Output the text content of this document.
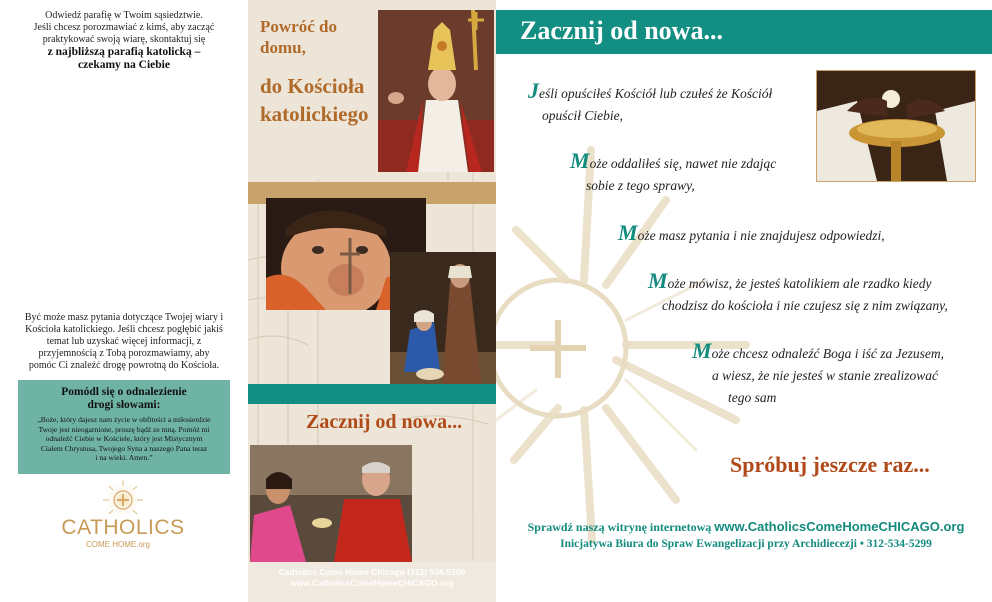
Odwiedź parafię w Twoim sąsiedztwie.
Jeśli chcesz porozmawiać z kimś, aby zacząć
praktykować swoją wiarę, skontaktuj się
z najbliższą parafią katolicką –
czekamy na Ciebie
Być może masz pytania dotyczące Twojej wiary i
Kościoła katolickiego. Jeśli chcesz pogłębić jakiś
temat lub uzyskać więcej informacji, z
przyjemnością z Tobą porozmawiamy, aby
pomóc Ci znaleźć drogę powrotną do Kościoła.
Pomódl się o odnalezienie
drogi słowami:
„Boże, który dajesz nam życie w obfitości a miłosierdzie
Twoje jest nieogarnione, proszę bądź ze mną. Pomóż mi
odnaleźć Ciebie w Kościele, który jest Mistycznym
Ciałem Chrystusa, Twojego Syna a naszego Pana teraz
i na wieki. Amen.”
CATHOLICS
COME HOME.org
Catholics Come Home Chicago (312) 534-5100
www.CatholicsComeHomeCHICAGO.org
Powróć do
domu,
do Kościoła
katolickiego
Zacznij od nowa...
Catholics Come Home Chicago (312) 534-5100
www.CatholicsComeHomeCHICAGO.org
Zacznij od nowa...
Jeśli opuściłeś Kościół lub czułeś że Kościół
opuścił Ciebie,
Może oddaliłeś się, nawet nie zdając
sobie z tego sprawy,
Może masz pytania i nie znajdujesz odpowiedzi,
Może mówisz, że jesteś katolikiem ale rzadko kiedy
chodzisz do kościoła i nie czujesz się z nim związany,
Może chcesz odnaleźć Boga i iść za Jezusem,
a wiesz, że nie jesteś w stanie zrealizować
tego sam
Spróbuj jeszcze raz...
Sprawdź naszą witrynę internetową www.CatholicsComeHomeCHICAGO.org
Inicjatywa Biura do Spraw Ewangelizacji przy Archidiecezji • 312-534-5299
Uczyń pierwszy krok, zadzwoń: Catholics Come Home Chicago (312) 534-5100
